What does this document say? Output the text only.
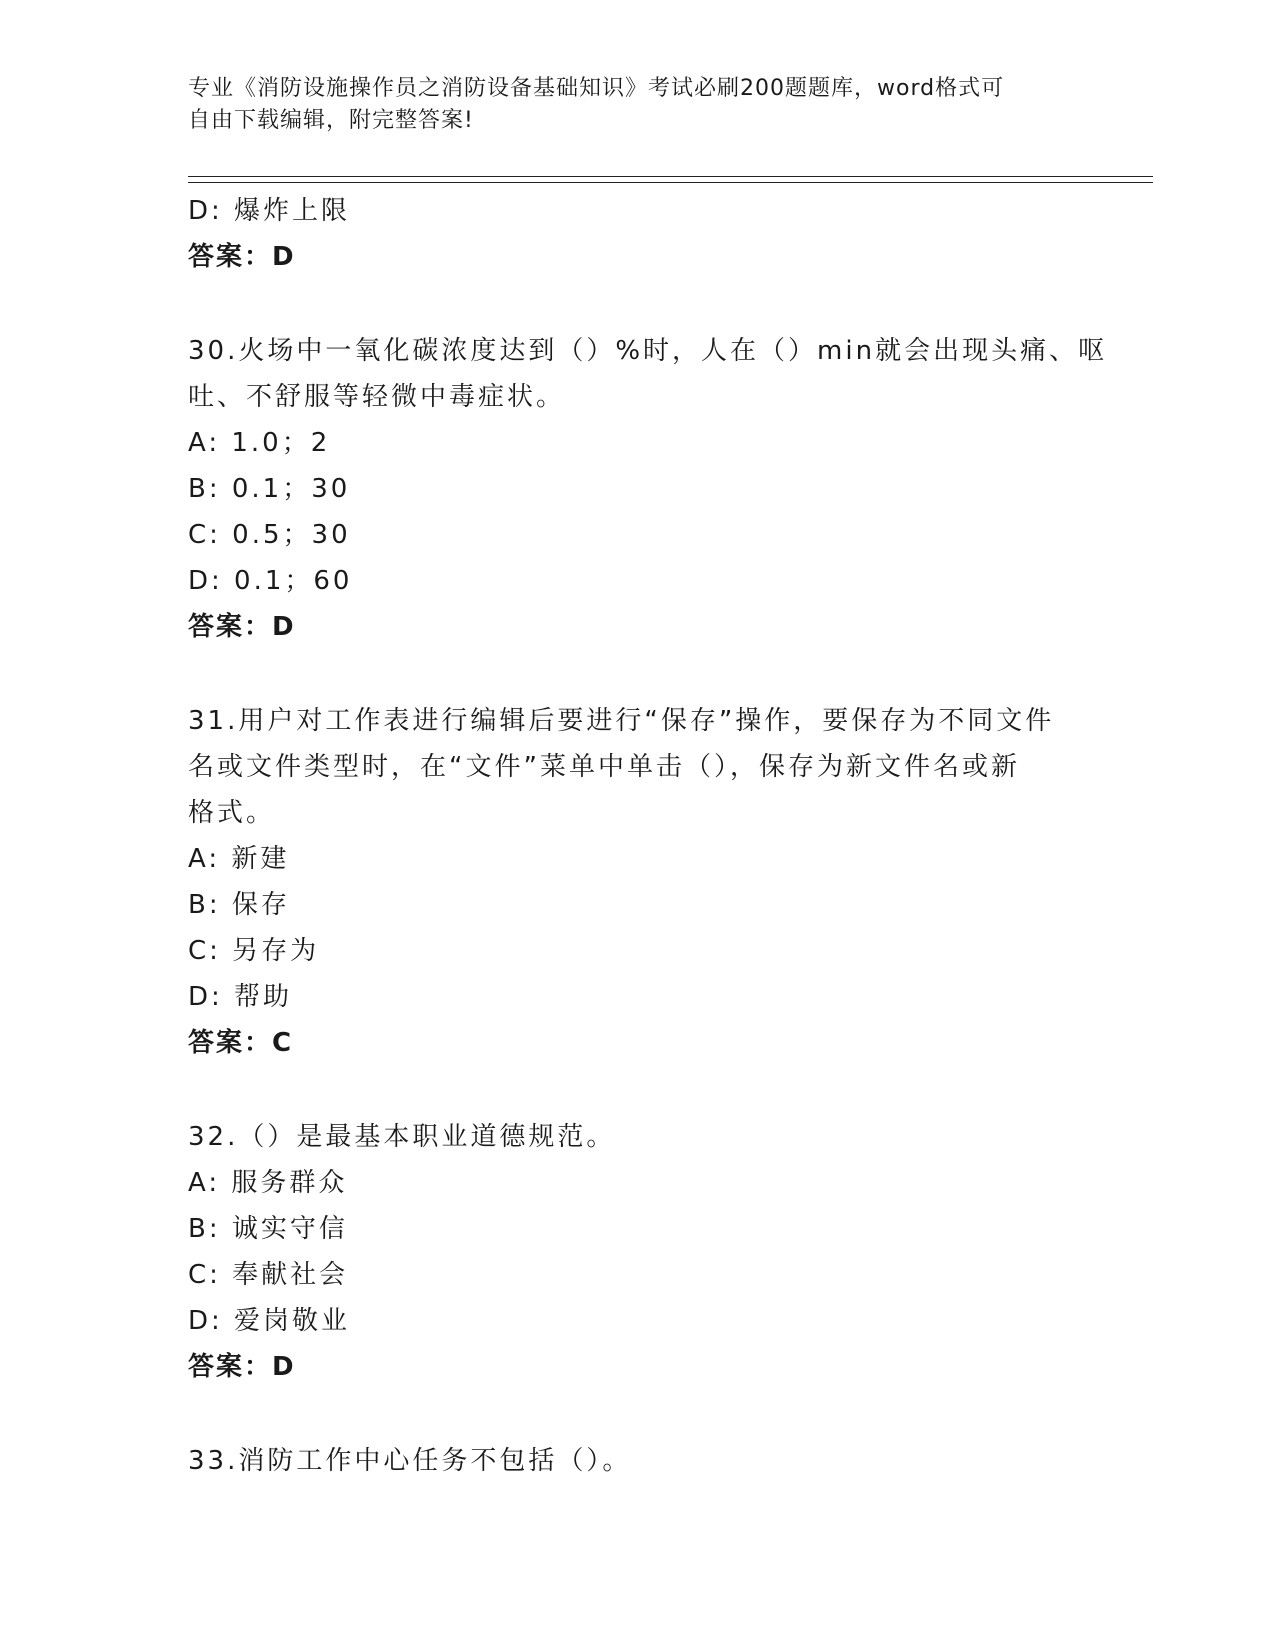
专业《消防设施操作员之消防设备基础知识》考试必刷200题题库，word格式可
自由下载编辑，附完整答案!
D: 爆炸上限
答案：D
30.火场中一氧化碳浓度达到（）%时，人在（）min就会出现头痛、呕
吐、不舒服等轻微中毒症状。
A: 1.0；2
B: 0.1；30
C: 0.5；30
D: 0.1；60
答案：D
31.用户对工作表进行编辑后要进行“保存”操作，要保存为不同文件
名或文件类型时，在“文件”菜单中单击（），保存为新文件名或新
格式。
A: 新建
B: 保存
C: 另存为
D: 帮助
答案：C
32.（）是最基本职业道德规范。
A: 服务群众
B: 诚实守信
C: 奉献社会
D: 爱岗敬业
答案：D
33.消防工作中心任务不包括（）。
